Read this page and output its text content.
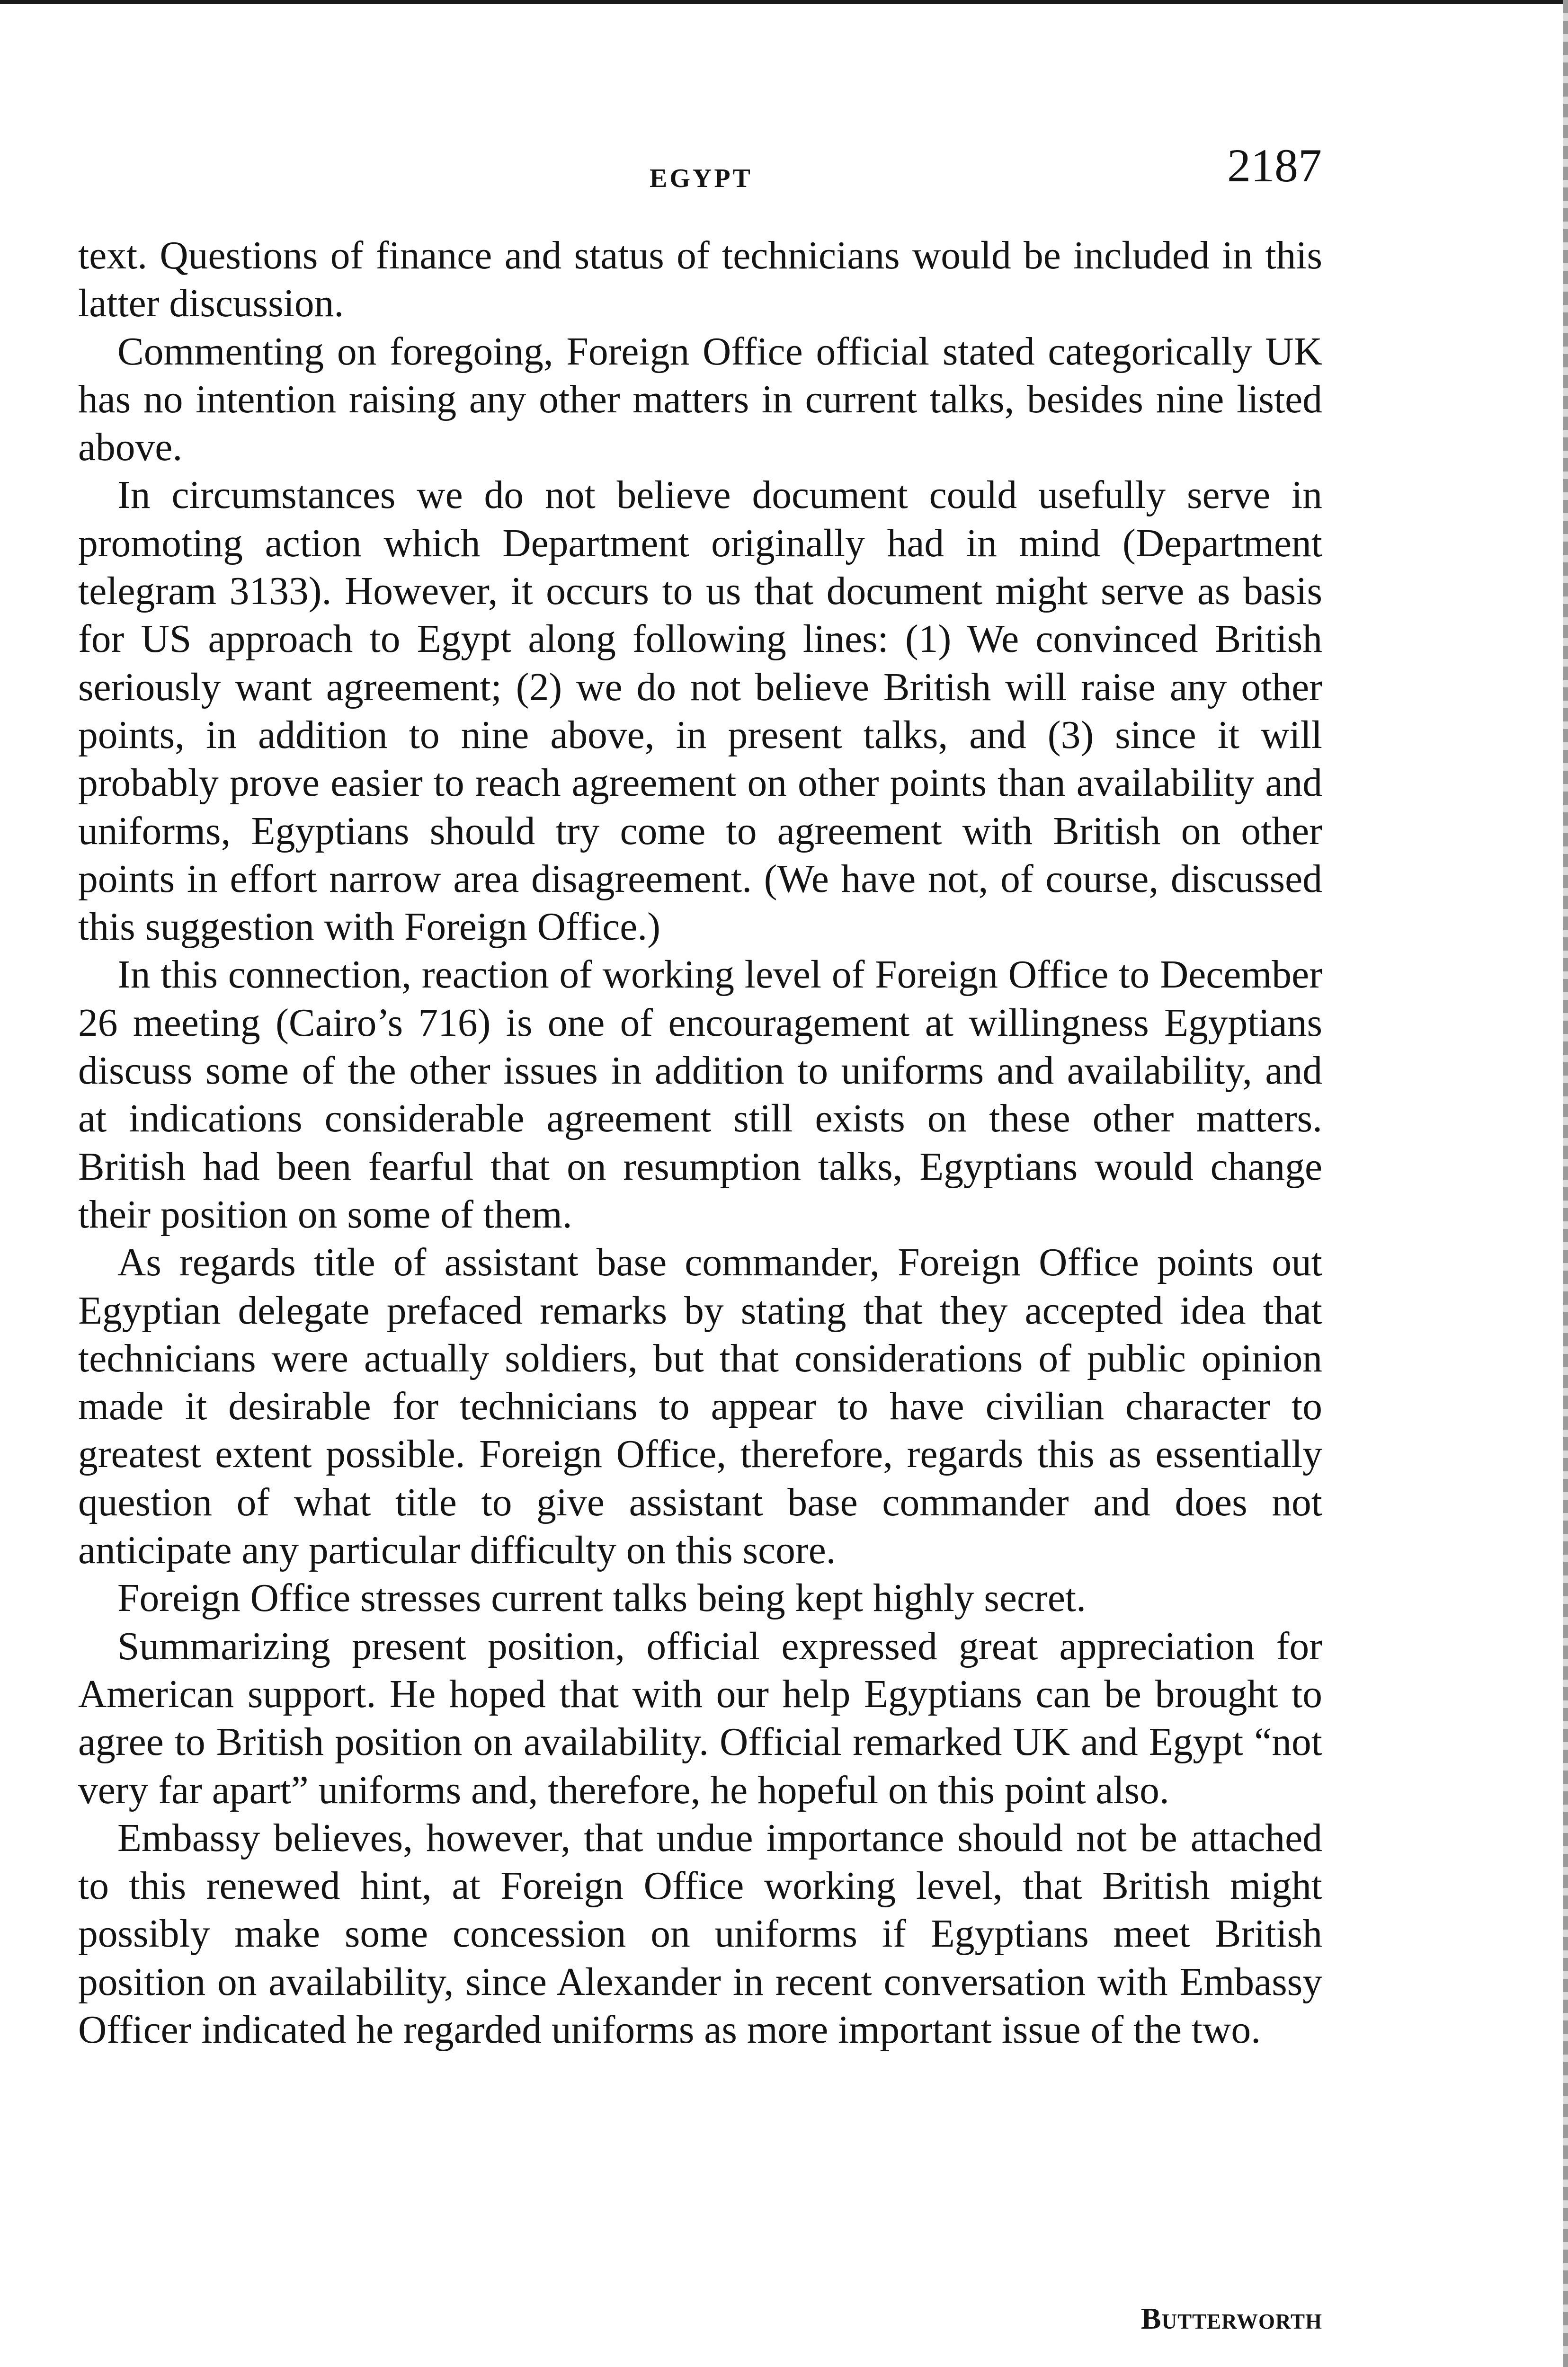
EGYPT	2187

text. Questions of finance and status of technicians would be included in this latter discussion.

Commenting on foregoing, Foreign Office official stated categorically UK has no intention raising any other matters in current talks, besides nine listed above.

In circumstances we do not believe document could usefully serve in promoting action which Department originally had in mind (Department telegram 3133). However, it occurs to us that document might serve as basis for US approach to Egypt along following lines: (1) We convinced British seriously want agreement; (2) we do not believe British will raise any other points, in addition to nine above, in present talks, and (3) since it will probably prove easier to reach agreement on other points than availability and uniforms, Egyptians should try come to agreement with British on other points in effort narrow area disagreement. (We have not, of course, discussed this suggestion with Foreign Office.)

In this connection, reaction of working level of Foreign Office to December 26 meeting (Cairo’s 716) is one of encouragement at willingness Egyptians discuss some of the other issues in addition to uniforms and availability, and at indications considerable agreement still exists on these other matters. British had been fearful that on resumption talks, Egyptians would change their position on some of them.

As regards title of assistant base commander, Foreign Office points out Egyptian delegate prefaced remarks by stating that they accepted idea that technicians were actually soldiers, but that considerations of public opinion made it desirable for technicians to appear to have civilian character to greatest extent possible. Foreign Office, therefore, regards this as essentially question of what title to give assistant base commander and does not anticipate any particular difficulty on this score.

Foreign Office stresses current talks being kept highly secret.

Summarizing present position, official expressed great appreciation for American support. He hoped that with our help Egyptians can be brought to agree to British position on availability. Official remarked UK and Egypt “not very far apart” uniforms and, therefore, he hopeful on this point also.

Embassy believes, however, that undue importance should not be attached to this renewed hint, at Foreign Office working level, that British might possibly make some concession on uniforms if Egyptians meet British position on availability, since Alexander in recent conversation with Embassy Officer indicated he regarded uniforms as more important issue of the two.

Butterworth
